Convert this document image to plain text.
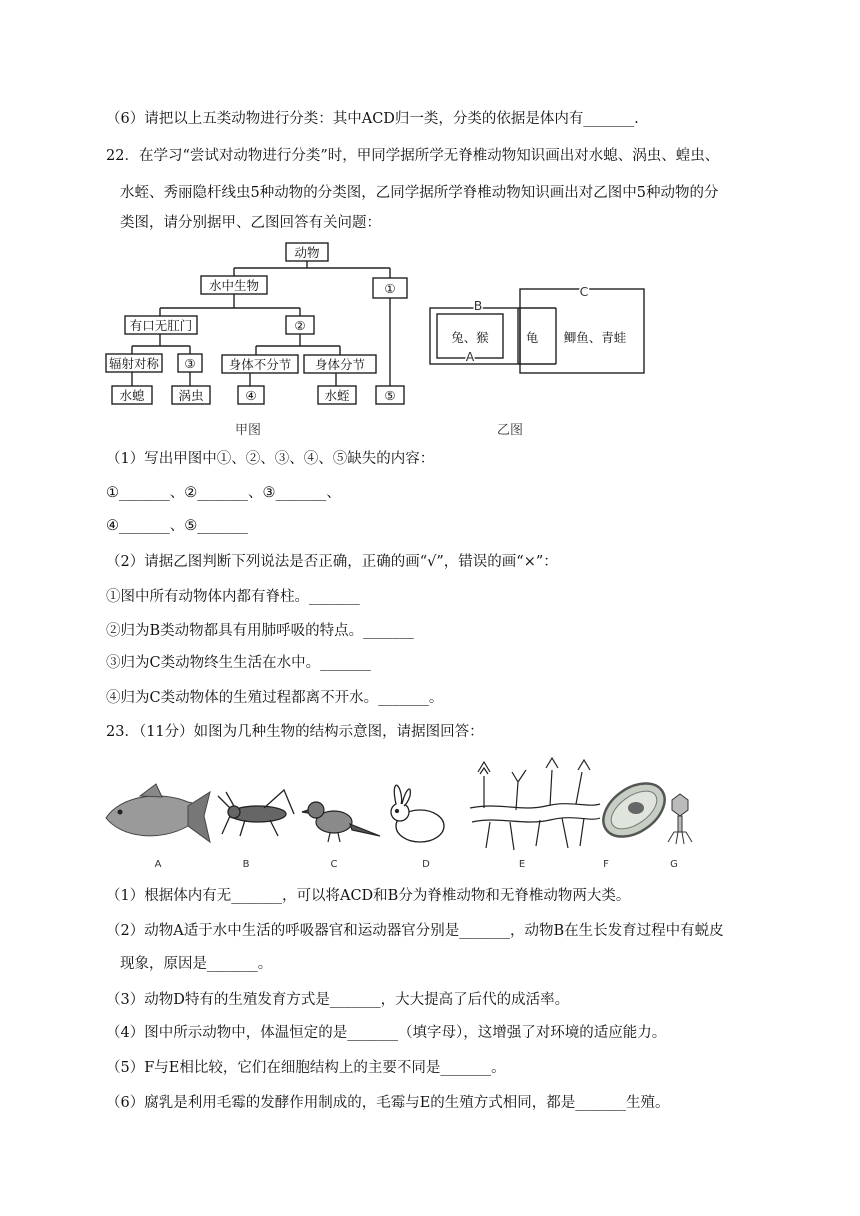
（6）请把以上五类动物进行分类：其中ACD归一类，分类的依据是体内有_______.
22．在学习“尝试对动物进行分类”时，甲同学据所学无脊椎动物知识画出对水螅、涡虫、蝗虫、
水蛭、秀丽隐杆线虫5种动物的分类图，乙同学据所学脊椎动物知识画出对乙图中5种动物的分
类图，请分别据甲、乙图回答有关问题：
动物
水中生物	①
有口无肛门	②
辐射对称 ③	身体不分节 身体分节
水螅	涡虫	④	水蛭	⑤
甲图
B
A
C
兔、猴	龟 鲫鱼、青蛙
乙图
（1）写出甲图中①、②、③、④、⑤缺失的内容：
①_______、②_______、③_______、
④_______、⑤_______
（2）请据乙图判断下列说法是否正确，正确的画“√”，错误的画“×”：
①图中所有动物体内都有脊柱。_______
②归为B类动物都具有用肺呼吸的特点。_______
③归为C类动物终生生活在水中。_______
④归为C类动物体的生殖过程都离不开水。_______。
23．（11分）如图为几种生物的结构示意图，请据图回答：
A	B	C	D	E	F	G
（1）根据体内有无_______，可以将ACD和B分为脊椎动物和无脊椎动物两大类。
（2）动物A适于水中生活的呼吸器官和运动器官分别是_______，动物B在生长发育过程中有蜕皮
现象，原因是_______。
（3）动物D特有的生殖发育方式是_______，大大提高了后代的成活率。
（4）图中所示动物中，体温恒定的是_______（填字母），这增强了对环境的适应能力。
（5）F与E相比较，它们在细胞结构上的主要不同是_______。
（6）腐乳是利用毛霉的发酵作用制成的，毛霉与E的生殖方式相同，都是_______生殖。
